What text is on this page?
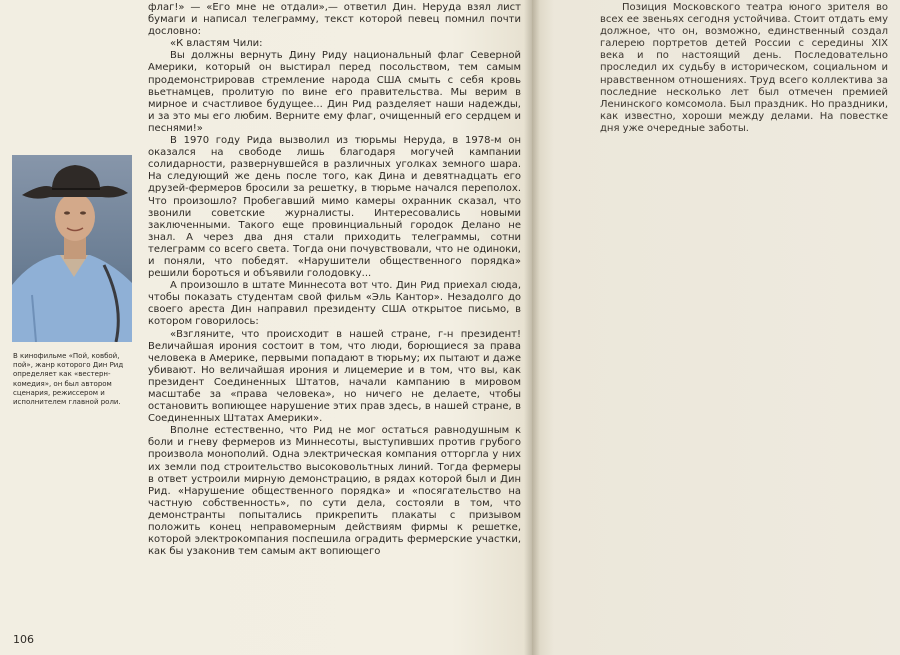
В кинофильме «Пой, ковбой, пой», жанр которого Дин Рид определяет как «вестерн-комедия», он был автором сценария, режиссером и исполнителем главной роли.

флаг!» — «Его мне не отдали»,— ответил Дин. Неруда взял лист бумаги и написал телеграмму, текст которой певец помнил почти дословно:

«К властям Чили:

Вы должны вернуть Дину Риду национальный флаг Северной Америки, который он выстирал перед посольством, тем самым продемонстрировав стремление народа США смыть с себя кровь вьетнамцев, пролитую по вине его правительства. Мы верим в мирное и счастливое будущее... Дин Рид разделяет наши надежды, и за это мы его любим. Верните ему флаг, очищенный его сердцем и песнями!»

В 1970 году Рида вызволил из тюрьмы Неруда, в 1978-м он оказался на свободе лишь благодаря могучей кампании солидарности, развернувшейся в различных уголках земного шара. На следующий же день после того, как Дина и девятнадцать его друзей-фермеров бросили за решетку, в тюрьме начался переполох. Что произошло? Пробегавший мимо камеры охранник сказал, что звонили советские журналисты. Интересовались новыми заключенными. Такого еще провинциальный городок Делано не знал. А через два дня стали приходить телеграммы, сотни телеграмм со всего света. Тогда они почувствовали, что не одиноки, и поняли, что победят. «Нарушители общественного порядка» решили бороться и объявили голодовку...

А произошло в штате Миннесота вот что. Дин Рид приехал сюда, чтобы показать студентам свой фильм «Эль Кантор». Незадолго до своего ареста Дин направил президенту США открытое письмо, в котором говорилось:

«Взгляните, что происходит в нашей стране, г-н президент! Величайшая ирония состоит в том, что люди, борющиеся за права человека в Америке, первыми попадают в тюрьму; их пытают и даже убивают. Но величайшая ирония и лицемерие и в том, что вы, как президент Соединенных Штатов, начали кампанию в мировом масштабе за «права человека», но ничего не делаете, чтобы остановить вопиющее нарушение этих прав здесь, в нашей стране, в Соединенных Штатах Америки».

Вполне естественно, что Рид не мог остаться равнодушным к боли и гневу фермеров из Миннесоты, выступивших против грубого произвола монополий. Одна электрическая компания отторгла у них их земли под строительство высоковольтных линий. Тогда фермеры в ответ устроили мирную демонстрацию, в рядах которой был и Дин Рид. «Нарушение общественного порядка» и «посягательство на частную собственность», по сути дела, состояли в том, что демонстранты попытались прикрепить плакаты с призывом положить конец неправомерным действиям фирмы к решетке, которой электрокомпания поспешила оградить фермерские участки, как бы узаконив тем самым акт вопиющего

106

Позиция Московского театра юного зрителя во всех ее звеньях сегодня устойчива. Стоит отдать ему должное, что он, возможно, единственный создал галерею портретов детей России с середины XIX века и по настоящий день. Последовательно проследил их судьбу в историческом, социальном и нравственном отношениях. Труд всего коллектива за последние несколько лет был отмечен премией Ленинского комсомола. Был праздник. Но праздники, как известно, хороши между делами. На повестке дня уже очередные заботы.
